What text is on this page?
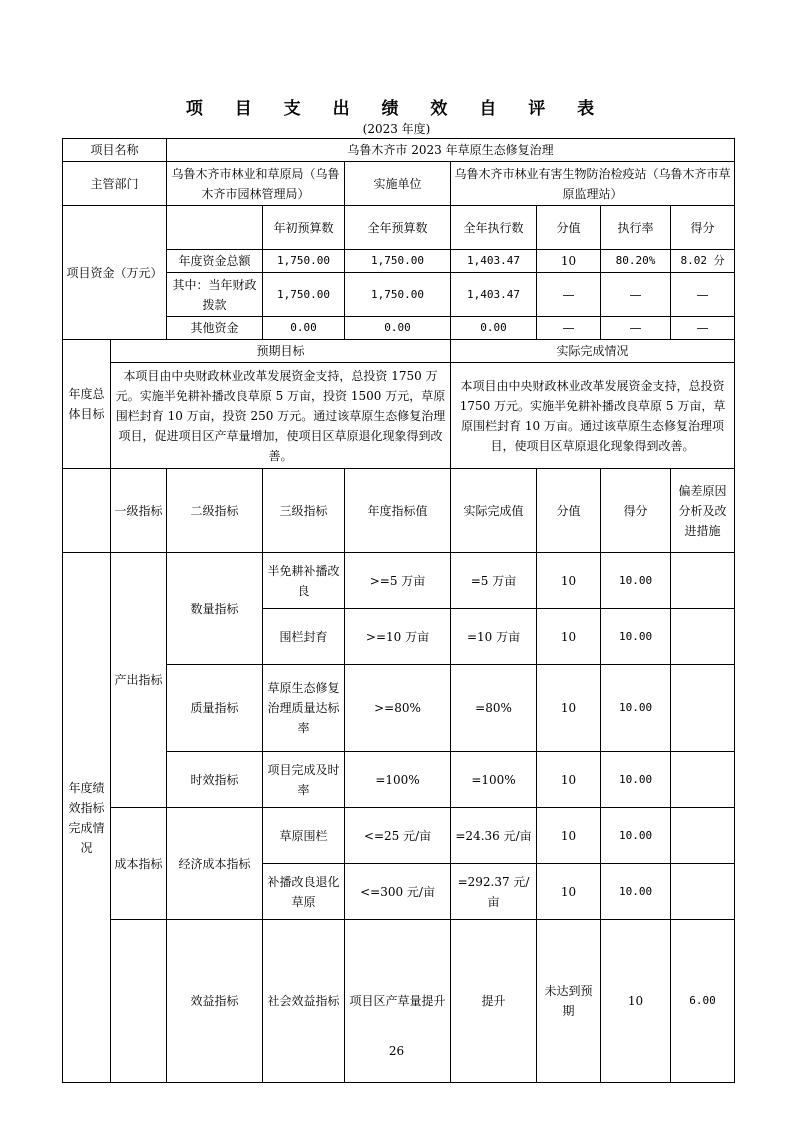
项 目 支 出 绩 效 自 评 表
(2023 年度)
项目名称		乌鲁木齐市 2023 年草原生态修复治理							
主管部门		乌鲁木齐市林业和草原局（乌鲁木齐市园林管理局）		实施单位	乌鲁木齐市林业有害生物防治检疫站（乌鲁木齐市草原监理站）				
项目资金（万元）			年初预算数	全年预算数	全年执行数	分值	执行率	得分	
		年度资金总额	1,750.00	1,750.00	1,403.47	10	80.20%	8.02 分	
		其中：当年财政拨款	1,750.00	1,750.00	1,403.47	—	—	—	
		其他资金	0.00	0.00	0.00	—	—	—	
年度总体目标	预期目标				实际完成情况				
	本项目由中央财政林业改革发展资金支持，总投资 1750 万元。实施半免耕补播改良草原 5 万亩，投资 1500 万元，草原围栏封育 10 万亩，投资 250 万元。通过该草原生态修复治理项目，促进项目区产草量增加，使项目区草原退化现象得到改善。				本项目由中央财政林业改革发展资金支持，总投资 1750 万元。实施半免耕补播改良草原 5 万亩，草原围栏封育 10 万亩。通过该草原生态修复治理项目，使项目区草原退化现象得到改善。				
	一级指标	二级指标	三级指标	年度指标值	实际完成值	分值	得分	偏差原因分析及改进措施	
年度绩效指标完成情况	产出指标	数量指标	半免耕补播改良	>=5 万亩	=5 万亩	10	10.00		
			围栏封育	>=10 万亩	=10 万亩	10	10.00		
		质量指标	草原生态修复治理质量达标率	>=80%	=80%	10	10.00		
		时效指标	项目完成及时率	=100%	=100%	10	10.00		
	成本指标	经济成本指标	草原围栏	<=25 元/亩	=24.36 元/亩	10	10.00		
			补播改良退化草原	<=300 元/亩	=292.37 元/亩	10	10.00		
		效益指标	社会效益指标	项目区产草量提升	提升	未达到预期	10	6.00	
26
